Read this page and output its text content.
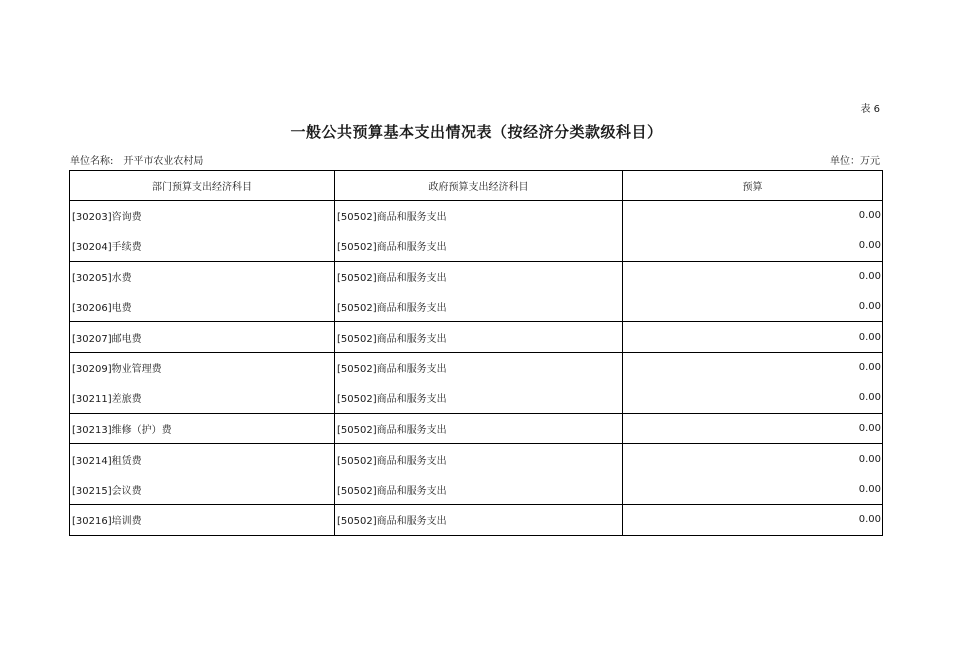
表 6
一般公共预算基本支出情况表（按经济分类款级科目）
单位名称: 开平市农业农村局	单位：万元
部门预算支出经济科目	政府预算支出经济科目	预算
[30203]咨询费	[50502]商品和服务支出	0.00
[30204]手续费	[50502]商品和服务支出	0.00
[30205]水费	[50502]商品和服务支出	0.00
[30206]电费	[50502]商品和服务支出	0.00
[30207]邮电费	[50502]商品和服务支出	0.00
[30209]物业管理费	[50502]商品和服务支出	0.00
[30211]差旅费	[50502]商品和服务支出	0.00
[30213]维修（护）费	[50502]商品和服务支出	0.00
[30214]租赁费	[50502]商品和服务支出	0.00
[30215]会议费	[50502]商品和服务支出	0.00
[30216]培训费	[50502]商品和服务支出	0.00
